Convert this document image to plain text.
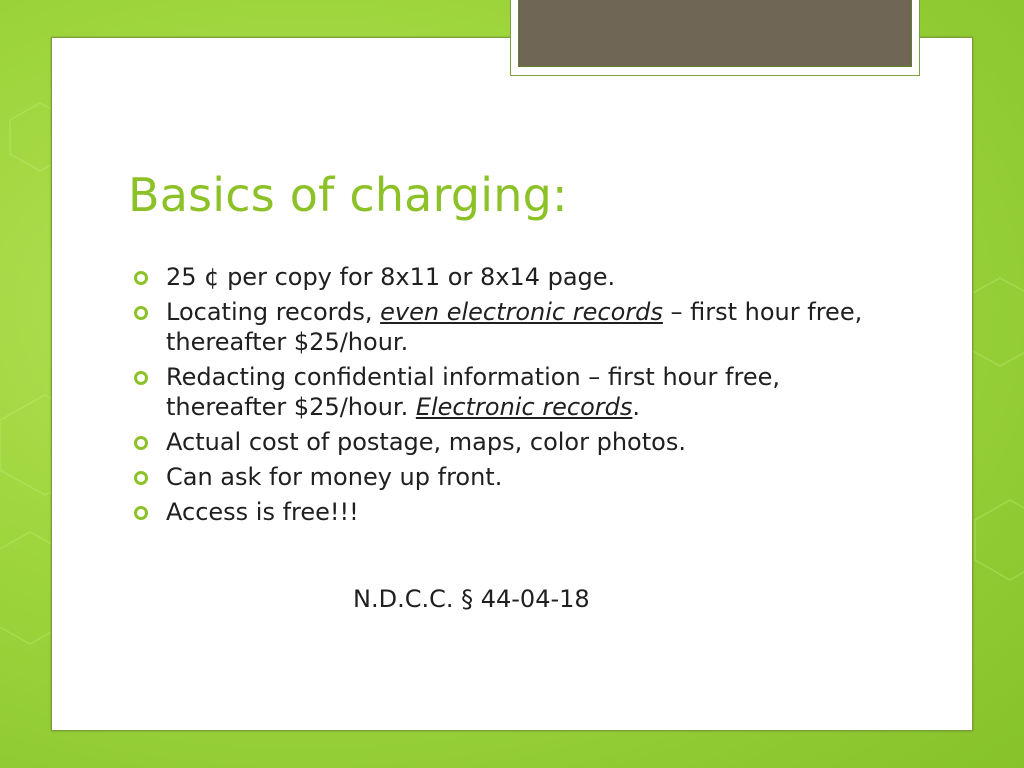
Basics of charging:
25 ¢ per copy for 8x11 or 8x14 page.
Locating records, even electronic records – first hour free, thereafter $25/hour.
Redacting confidential information – first hour free, thereafter $25/hour. Electronic records.
Actual cost of postage, maps, color photos.
Can ask for money up front.
Access is free!!!

N.D.C.C. § 44-04-18
